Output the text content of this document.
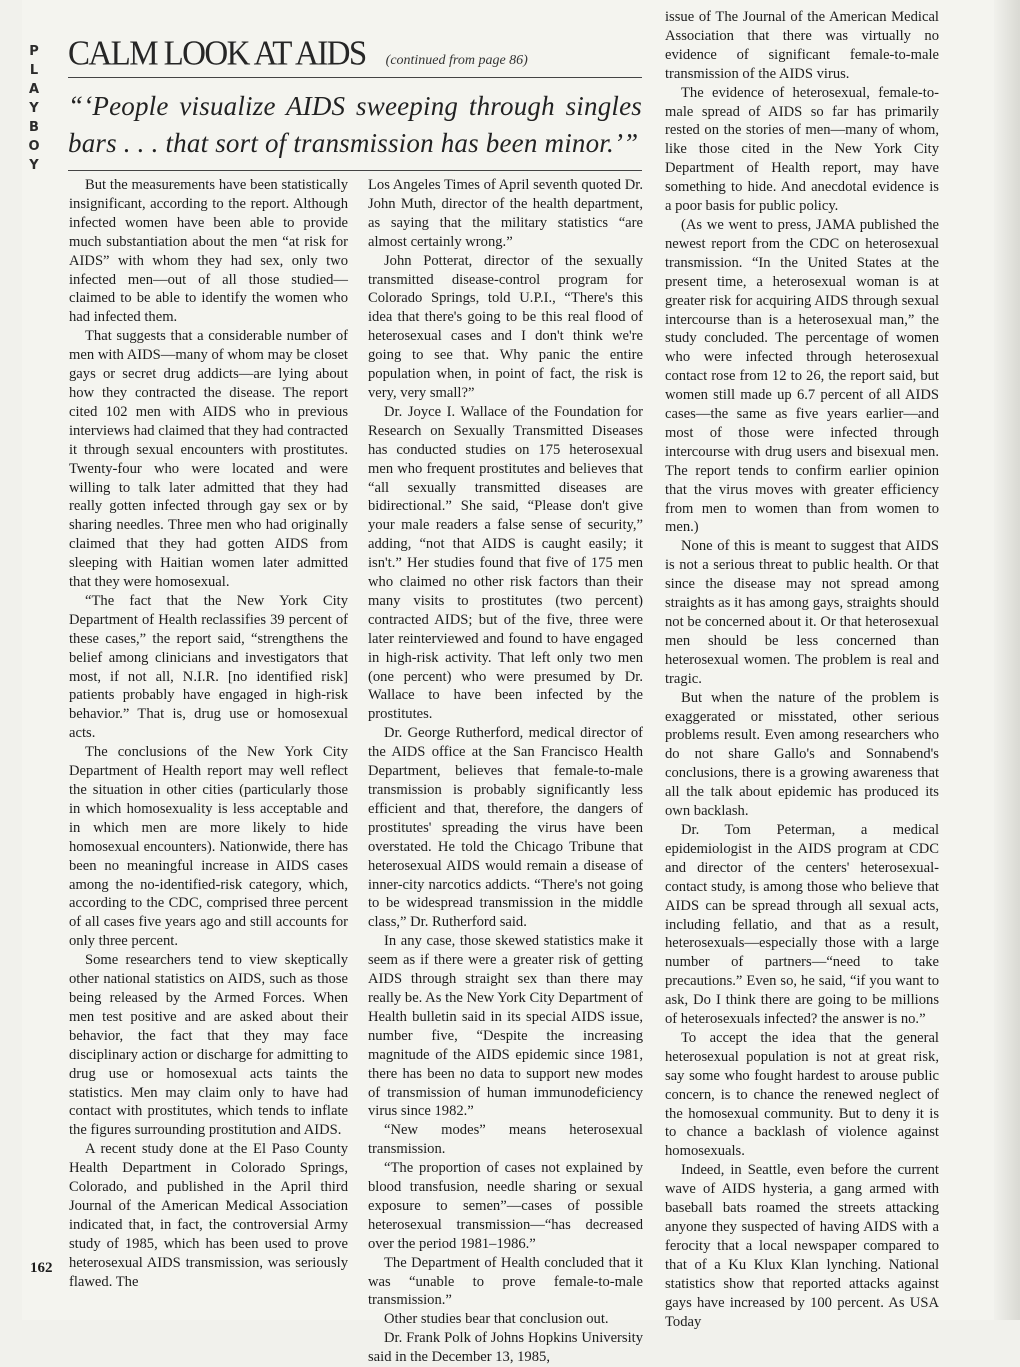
P
L
A
Y
B
O
Y
162
CALM LOOK AT AIDS (continued from page 86)
“‘People visualize AIDS sweeping through singles bars . . . that sort of transmission has been minor.’”

But the measurements have been statistically insignificant, according to the report. Although infected women have been able to provide much substantiation about the men “at risk for AIDS” with whom they had sex, only two infected men—out of all those studied—claimed to be able to identify the women who had infected them.

That suggests that a considerable number of men with AIDS—many of whom may be closet gays or secret drug addicts—are lying about how they contracted the disease. The report cited 102 men with AIDS who in previous interviews had claimed that they had contracted it through sexual encounters with prostitutes. Twenty-four who were located and were willing to talk later admitted that they had really gotten infected through gay sex or by sharing needles. Three men who had originally claimed that they had gotten AIDS from sleeping with Haitian women later admitted that they were homosexual.

“The fact that the New York City Department of Health reclassifies 39 percent of these cases,” the report said, “strengthens the belief among clinicians and investigators that most, if not all, N.I.R. [no identified risk] patients probably have engaged in high-risk behavior.” That is, drug use or homosexual acts.

The conclusions of the New York City Department of Health report may well reflect the situation in other cities (particularly those in which homosexuality is less acceptable and in which men are more likely to hide homosexual encounters). Nationwide, there has been no meaningful increase in AIDS cases among the no-identified-risk category, which, according to the CDC, comprised three percent of all cases five years ago and still accounts for only three percent.

Some researchers tend to view skeptically other national statistics on AIDS, such as those being released by the Armed Forces. When men test positive and are asked about their behavior, the fact that they may face disciplinary action or discharge for admitting to drug use or homosexual acts taints the statistics. Men may claim only to have had contact with prostitutes, which tends to inflate the figures surrounding prostitution and AIDS.

A recent study done at the El Paso County Health Department in Colorado Springs, Colorado, and published in the April third Journal of the American Medical Association indicated that, in fact, the controversial Army study of 1985, which has been used to prove heterosexual AIDS transmission, was seriously flawed. The

Los Angeles Times of April seventh quoted Dr. John Muth, director of the health department, as saying that the military statistics “are almost certainly wrong.”

John Potterat, director of the sexually transmitted disease-control program for Colorado Springs, told U.P.I., “There's this idea that there's going to be this real flood of heterosexual cases and I don't think we're going to see that. Why panic the entire population when, in point of fact, the risk is very, very small?”

Dr. Joyce I. Wallace of the Foundation for Research on Sexually Transmitted Diseases has conducted studies on 175 heterosexual men who frequent prostitutes and believes that “all sexually transmitted diseases are bidirectional.” She said, “Please don't give your male readers a false sense of security,” adding, “not that AIDS is caught easily; it isn't.” Her studies found that five of 175 men who claimed no other risk factors than their many visits to prostitutes (two percent) contracted AIDS; but of the five, three were later reinterviewed and found to have engaged in high-risk activity. That left only two men (one percent) who were presumed by Dr. Wallace to have been infected by the prostitutes.

Dr. George Rutherford, medical director of the AIDS office at the San Francisco Health Department, believes that female-to-male transmission is probably significantly less efficient and that, therefore, the dangers of prostitutes' spreading the virus have been overstated. He told the Chicago Tribune that heterosexual AIDS would remain a disease of inner-city narcotics addicts. “There's not going to be widespread transmission in the middle class,” Dr. Rutherford said.

In any case, those skewed statistics make it seem as if there were a greater risk of getting AIDS through straight sex than there may really be. As the New York City Department of Health bulletin said in its special AIDS issue, number five, “Despite the increasing magnitude of the AIDS epidemic since 1981, there has been no data to support new modes of transmission of human immunodeficiency virus since 1982.”

“New modes” means heterosexual transmission.

“The proportion of cases not explained by blood transfusion, needle sharing or sexual exposure to semen”—cases of possible heterosexual transmission—“has decreased over the period 1981–1986.”

The Department of Health concluded that it was “unable to prove female-to-male transmission.”

Other studies bear that conclusion out.

Dr. Frank Polk of Johns Hopkins University said in the December 13, 1985,

issue of The Journal of the American Medical Association that there was virtually no evidence of significant female-to-male transmission of the AIDS virus.

The evidence of heterosexual, female-to-male spread of AIDS so far has primarily rested on the stories of men—many of whom, like those cited in the New York City Department of Health report, may have something to hide. And anecdotal evidence is a poor basis for public policy.

(As we went to press, JAMA published the newest report from the CDC on heterosexual transmission. “In the United States at the present time, a heterosexual woman is at greater risk for acquiring AIDS through sexual intercourse than is a heterosexual man,” the study concluded. The percentage of women who were infected through heterosexual contact rose from 12 to 26, the report said, but women still made up 6.7 percent of all AIDS cases—the same as five years earlier—and most of those were infected through intercourse with drug users and bisexual men. The report tends to confirm earlier opinion that the virus moves with greater efficiency from men to women than from women to men.)

None of this is meant to suggest that AIDS is not a serious threat to public health. Or that since the disease may not spread among straights as it has among gays, straights should not be concerned about it. Or that heterosexual men should be less concerned than heterosexual women. The problem is real and tragic.

But when the nature of the problem is exaggerated or misstated, other serious problems result. Even among researchers who do not share Gallo's and Sonnabend's conclusions, there is a growing awareness that all the talk about epidemic has produced its own backlash.

Dr. Tom Peterman, a medical epidemiologist in the AIDS program at CDC and director of the centers' heterosexual-contact study, is among those who believe that AIDS can be spread through all sexual acts, including fellatio, and that as a result, heterosexuals—especially those with a large number of partners—“need to take precautions.” Even so, he said, “if you want to ask, Do I think there are going to be millions of heterosexuals infected? the answer is no.”

To accept the idea that the general heterosexual population is not at great risk, say some who fought hardest to arouse public concern, is to chance the renewed neglect of the homosexual community. But to deny it is to chance a backlash of violence against homosexuals.

Indeed, in Seattle, even before the current wave of AIDS hysteria, a gang armed with baseball bats roamed the streets attacking anyone they suspected of having AIDS with a ferocity that a local newspaper compared to that of a Ku Klux Klan lynching. National statistics show that reported attacks against gays have increased by 100 percent. As USA Today
